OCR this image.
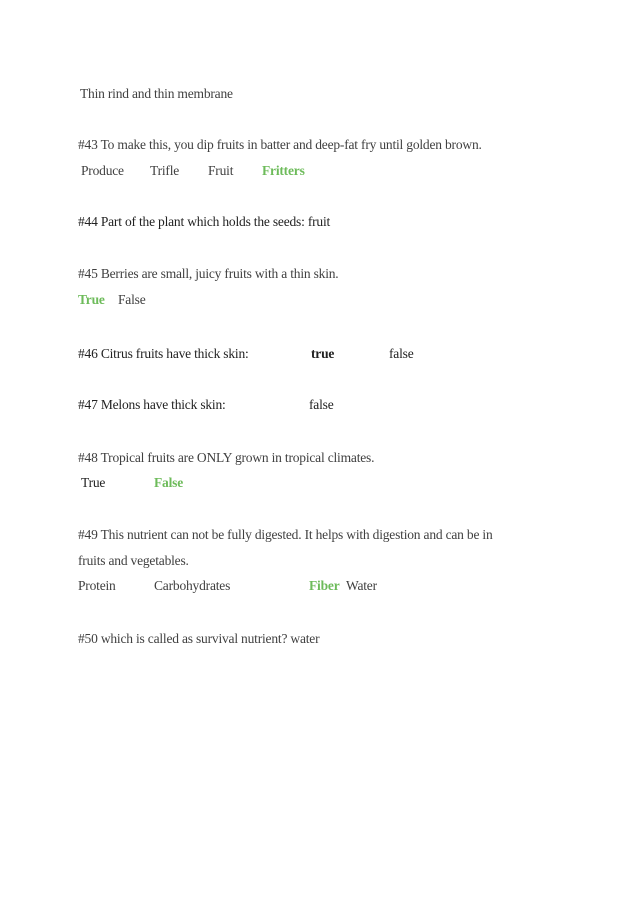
Thin rind and thin membrane
#43 To make this, you dip fruits in batter and deep-fat fry until golden brown.
Produce Trifle Fruit Fritters
#44 Part of the plant which holds the seeds: fruit
#45 Berries are small, juicy fruits with a thin skin.
True False
#46 Citrus fruits have thick skin:	true	false
#47 Melons have thick skin:	false
#48 Tropical fruits are ONLY grown in tropical climates.
True	False
#49 This nutrient can not be fully digested. It helps with digestion and can be in
fruits and vegetables.
Protein	Carbohydrates	Fiber Water
#50 which is called as survival nutrient? water
